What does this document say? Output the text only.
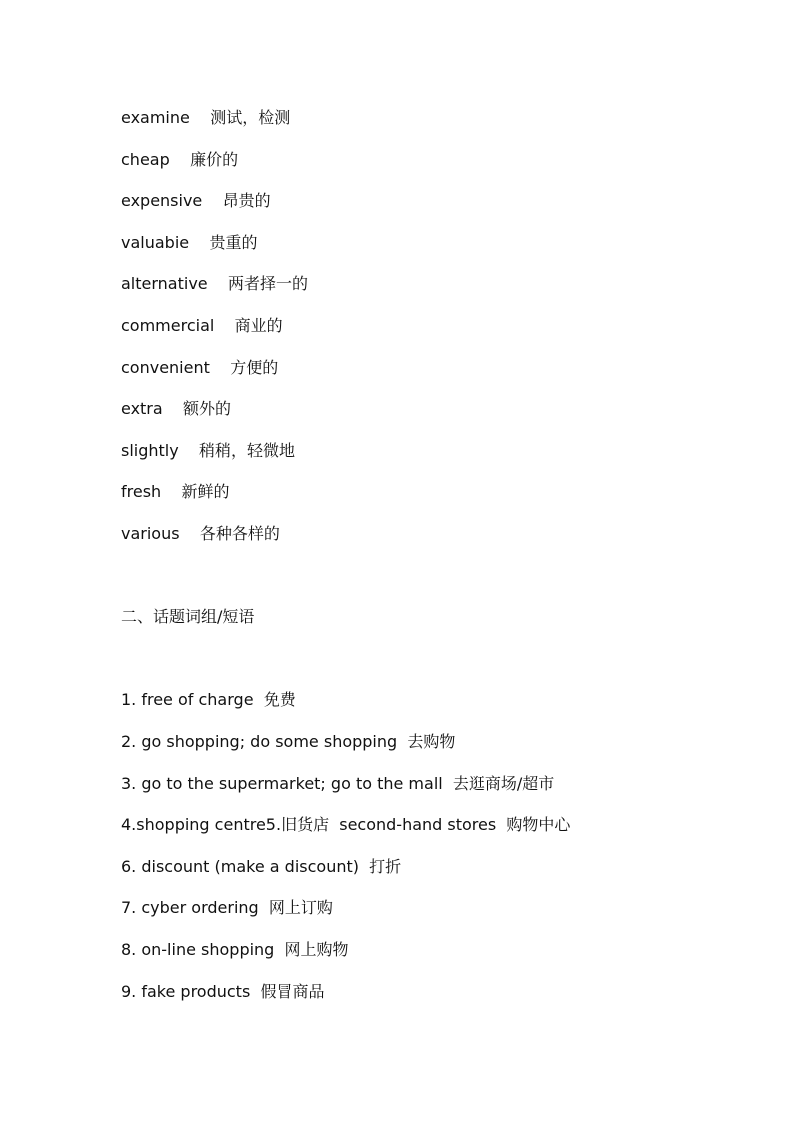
examine    测试，检测
cheap    廉价的
expensive    昂贵的
valuabie    贵重的
alternative    两者择一的
commercial    商业的
convenient    方便的
extra    额外的
slightly    稍稍，轻微地
fresh    新鲜的
various    各种各样的
二、话题词组/短语
1. free of charge  免费
2. go shopping; do some shopping  去购物
3. go to the supermarket; go to the mall  去逛商场/超市
4.shopping centre5.旧货店  second-hand stores  购物中心
6. discount (make a discount)  打折
7. cyber ordering  网上订购
8. on-line shopping  网上购物
9. fake products  假冒商品
